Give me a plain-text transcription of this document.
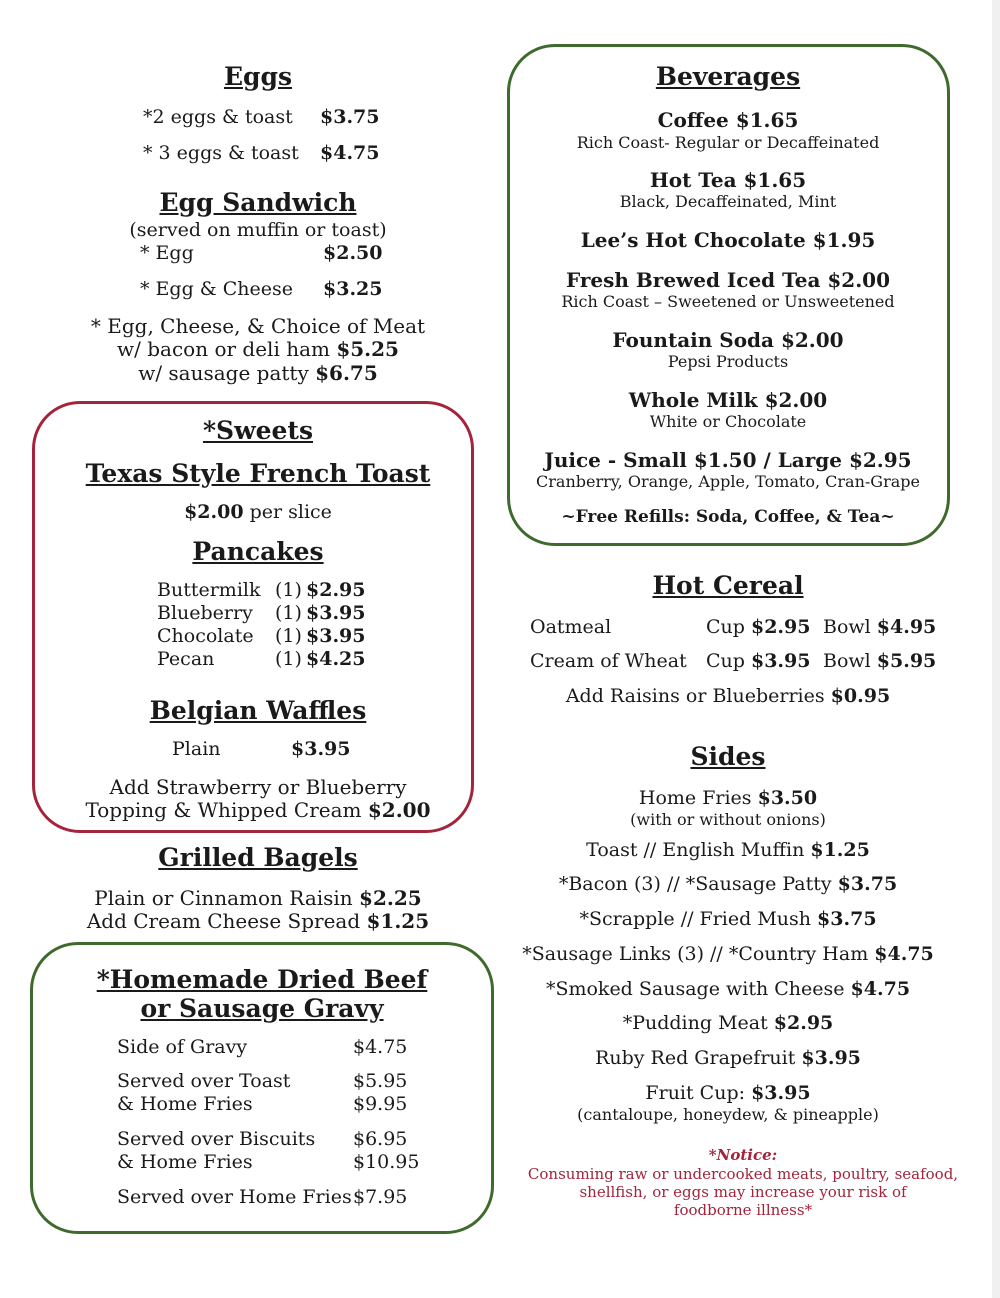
Eggs
*2 eggs & toast $3.75
* 3 eggs & toast $4.75
Egg Sandwich
(served on muffin or toast)
* Egg	$2.50
* Egg & Cheese $3.25
* Egg, Cheese, & Choice of Meat
w/ bacon or deli ham $5.25
w/ sausage patty $6.75
*Sweets
Texas Style French Toast
$2.00 per slice
Pancakes
Buttermilk (1) $2.95
Blueberry (1) $3.95
Chocolate (1) $3.95
Pecan	(1) $4.25
Belgian Waffles
Plain	$3.95
Add Strawberry or Blueberry
Topping & Whipped Cream $2.00
Grilled Bagels
Plain or Cinnamon Raisin $2.25
Add Cream Cheese Spread $1.25
*Homemade Dried Beef
or Sausage Gravy
Side of Gravy	$4.75
Served over Toast	$5.95
& Home Fries	$9.95
Served over Biscuits $6.95
& Home Fries	$10.95
Served over Home Fries $7.95
Beverages
Coffee $1.65
Rich Coast- Regular or Decaffeinated
Hot Tea $1.65
Black, Decaffeinated, Mint
Lee’s Hot Chocolate $1.95
Fresh Brewed Iced Tea $2.00
Rich Coast – Sweetened or Unsweetened
Fountain Soda $2.00
Pepsi Products
Whole Milk $2.00
White or Chocolate
Juice - Small $1.50 / Large $2.95
Cranberry, Orange, Apple, Tomato, Cran-Grape
~Free Refills: Soda, Coffee, & Tea~
Hot Cereal
Oatmeal	Cup $2.95 Bowl $4.95
Cream of Wheat Cup $3.95 Bowl $5.95
Add Raisins or Blueberries $0.95
Sides
Home Fries $3.50
(with or without onions)
Toast // English Muffin $1.25
*Bacon (3) // *Sausage Patty $3.75
*Scrapple // Fried Mush $3.75
*Sausage Links (3) // *Country Ham $4.75
*Smoked Sausage with Cheese $4.75
*Pudding Meat $2.95
Ruby Red Grapefruit $3.95
Fruit Cup: $3.95
(cantaloupe, honeydew, & pineapple)
*Notice:
Consuming raw or undercooked meats, poultry, seafood,
shellfish, or eggs may increase your risk of
foodborne illness*
